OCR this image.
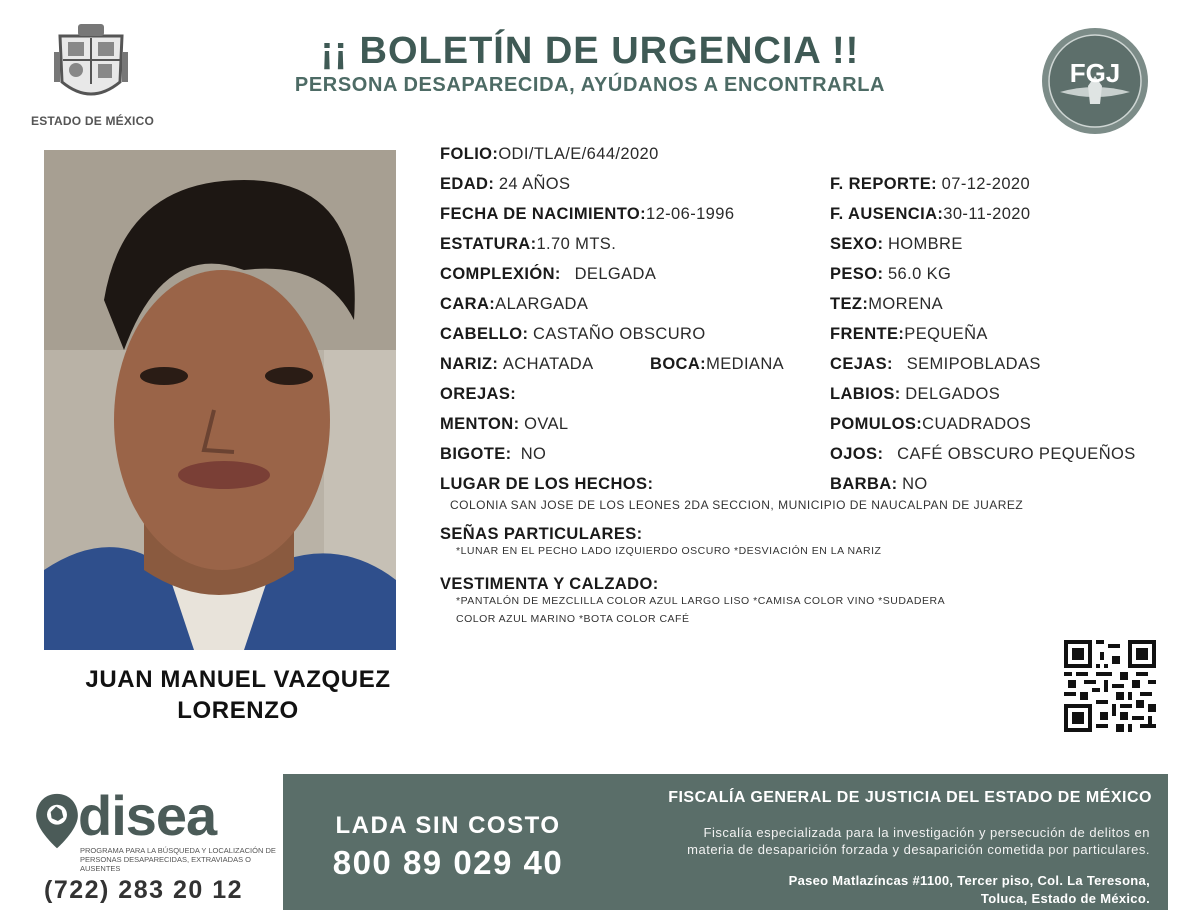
ESTADO DE MÉXICO
¡¡ BOLETÍN DE URGENCIA !!
PERSONA DESAPARECIDA, AYÚDANOS A ENCONTRARLA	FGJ
JUAN MANUEL VAZQUEZ
LORENZO
FOLIO:ODI/TLA/E/644/2020
EDAD: 24 AÑOS	F. REPORTE: 07-12-2020
FECHA DE NACIMIENTO:12-06-1996	F. AUSENCIA:30-11-2020
ESTATURA:1.70 MTS.	SEXO: HOMBRE
COMPLEXIÓN: DELGADA	PESO: 56.0 KG
CARA:ALARGADA	TEZ:MORENA
CABELLO: CASTAÑO OBSCURO	FRENTE:PEQUEÑA
NARIZ: ACHATADA	BOCA:MEDIANA	CEJAS: SEMIPOBLADAS
OREJAS:	LABIOS: DELGADOS
MENTON: OVAL	POMULOS:CUADRADOS
BIGOTE: NO	OJOS: CAFÉ OBSCURO PEQUEÑOS
LUGAR DE LOS HECHOS:	BARBA: NO
COLONIA SAN JOSE DE LOS LEONES 2DA SECCION, MUNICIPIO DE NAUCALPAN DE JUAREZ
SEÑAS PARTICULARES:
*LUNAR EN EL PECHO LADO IZQUIERDO OSCURO *DESVIACIÓN EN LA NARIZ
VESTIMENTA Y CALZADO:
*PANTALÓN DE MEZCLILLA COLOR AZUL LARGO LISO *CAMISA COLOR VINO *SUDADERA
COLOR AZUL MARINO *BOTA COLOR CAFÉ
disea
PROGRAMA PARA LA BÚSQUEDA Y LOCALIZACIÓN DE PERSONAS DESAPARECIDAS, EXTRAVIADAS O AUSENTES
(722) 283 20 12
LADA SIN COSTO
800 89 029 40
FISCALÍA GENERAL DE JUSTICIA DEL ESTADO DE MÉXICO
Fiscalía especializada para la investigación y persecución de delitos en
materia de desaparición forzada y desaparición cometida por particulares.
Paseo Matlazíncas #1100, Tercer piso, Col. La Teresona,
Toluca, Estado de México.
